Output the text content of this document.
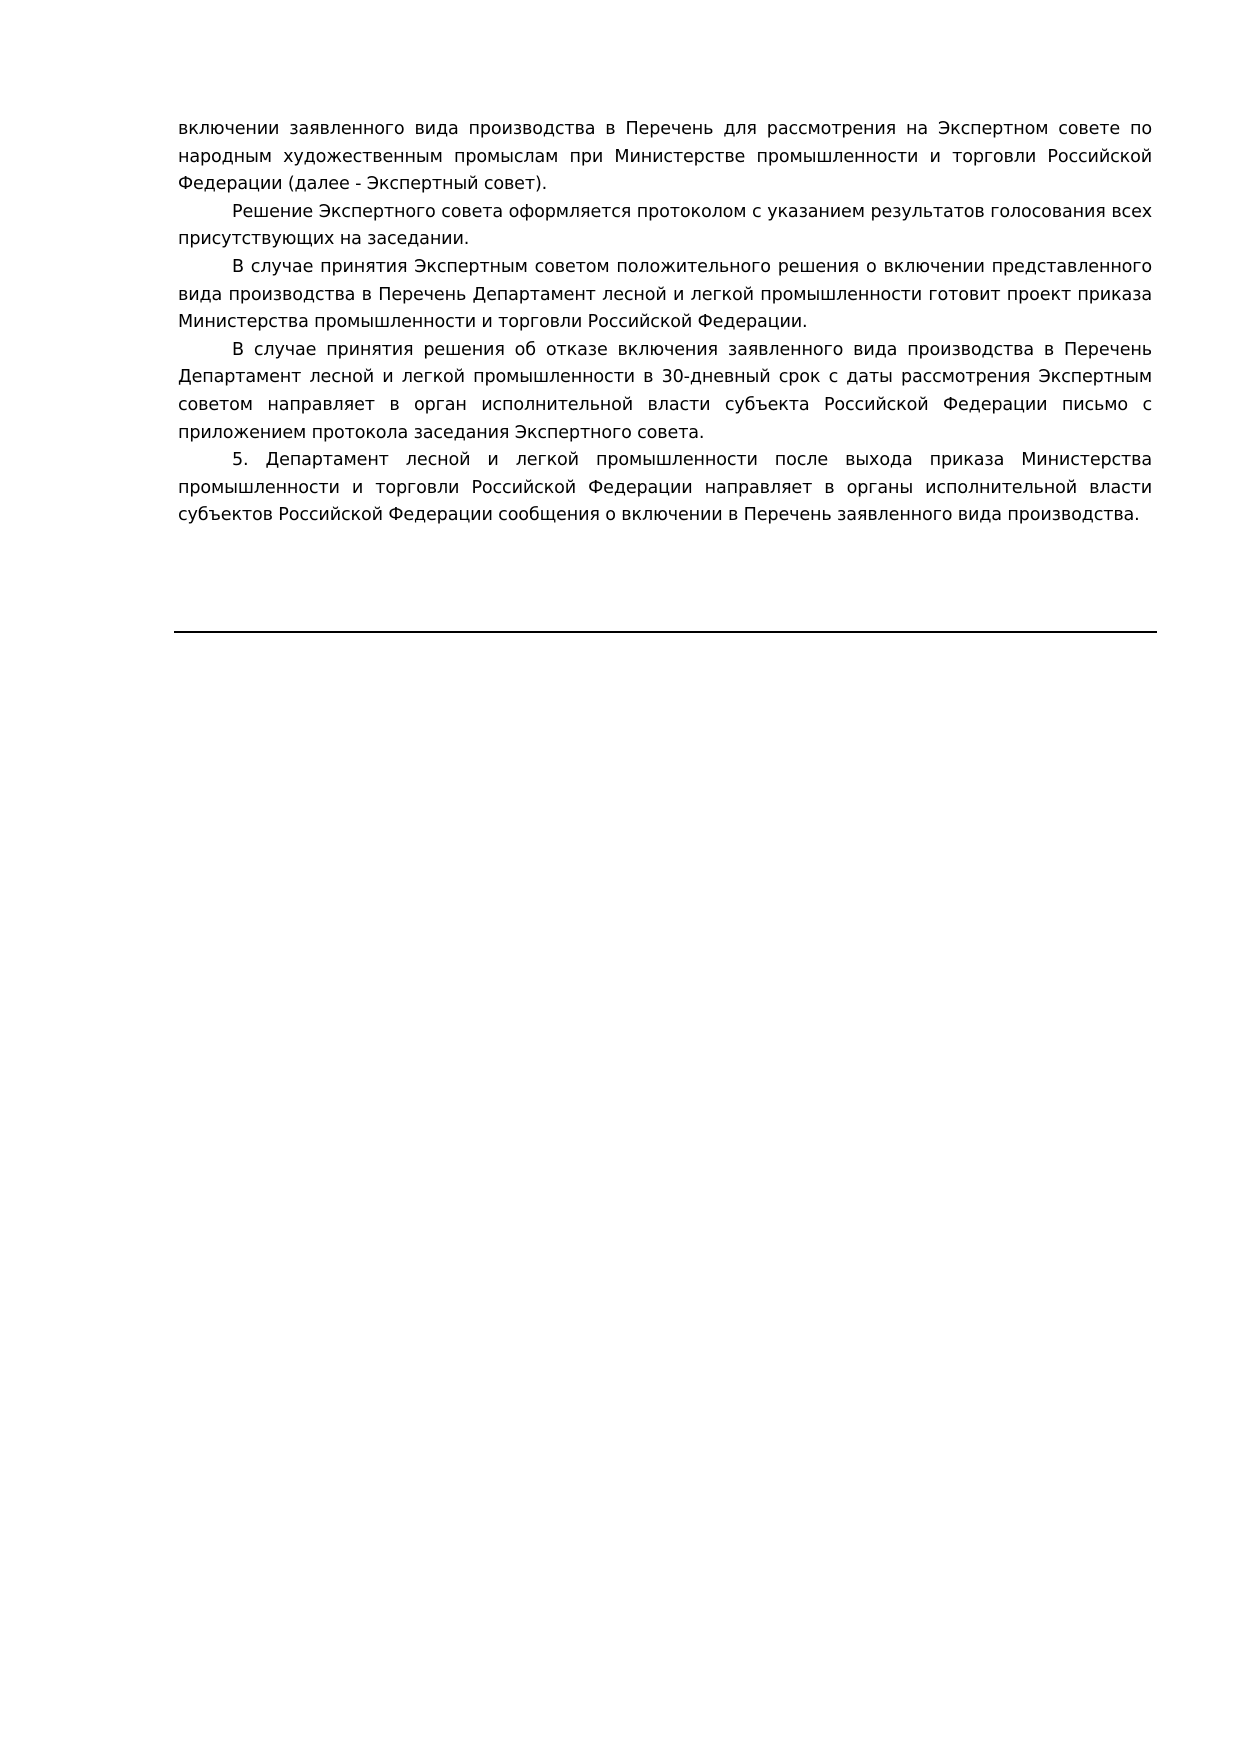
включении заявленного вида производства в Перечень для рассмотрения на Экспертном совете по народным художественным промыслам при Министерстве промышленности и торговли Российской Федерации (далее - Экспертный совет).

Решение Экспертного совета оформляется протоколом с указанием результатов голосования всех присутствующих на заседании.

В случае принятия Экспертным советом положительного решения о включении представленного вида производства в Перечень Департамент лесной и легкой промышленности готовит проект приказа Министерства промышленности и торговли Российской Федерации.

В случае принятия решения об отказе включения заявленного вида производства в Перечень Департамент лесной и легкой промышленности в 30-дневный срок с даты рассмотрения Экспертным советом направляет в орган исполнительной власти субъекта Российской Федерации письмо с приложением протокола заседания Экспертного совета.

5. Департамент лесной и легкой промышленности после выхода приказа Министерства промышленности и торговли Российской Федерации направляет в органы исполнительной власти субъектов Российской Федерации сообщения о включении в Перечень заявленного вида производства.
